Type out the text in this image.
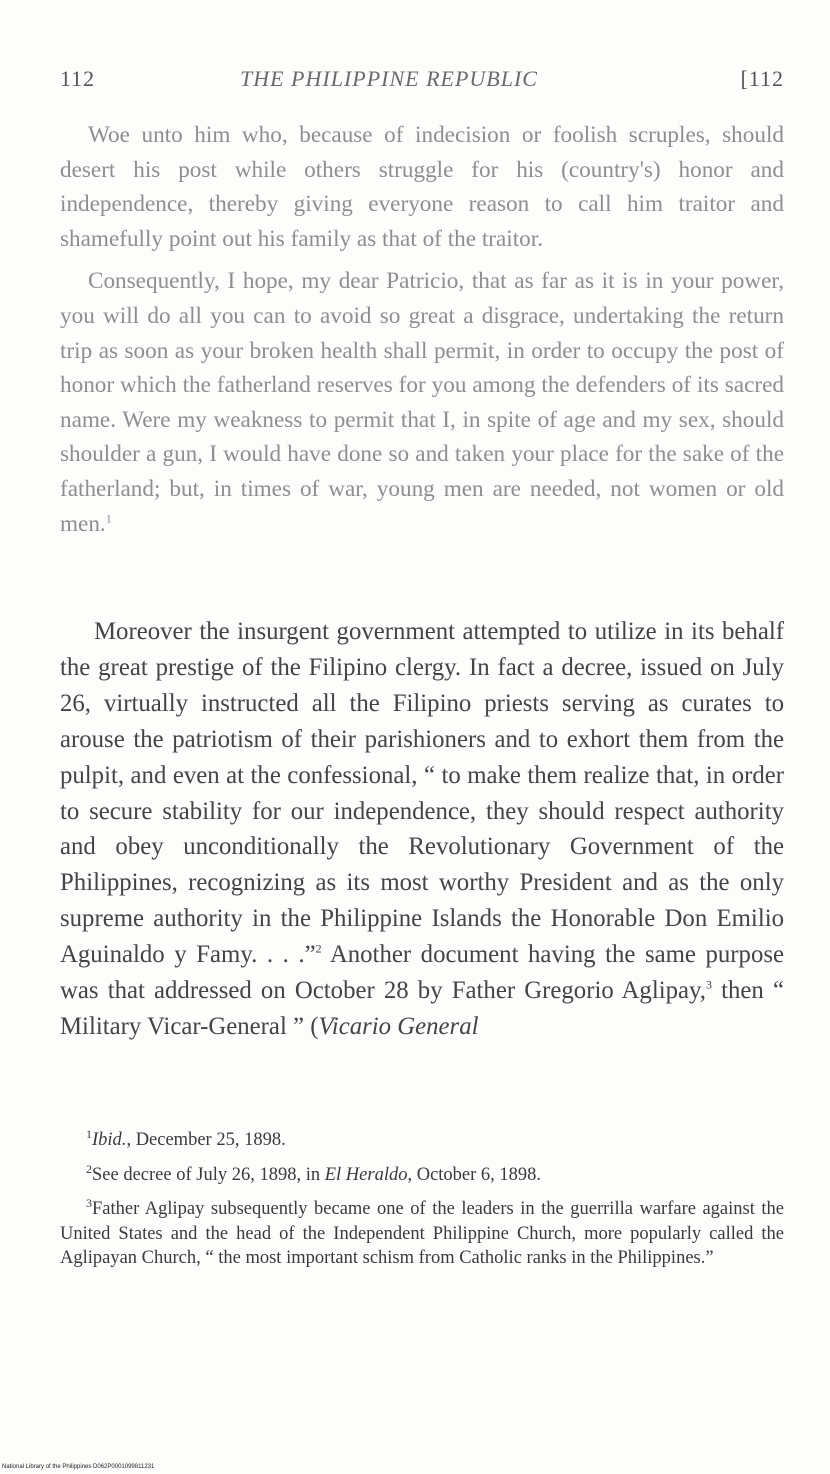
112	THE PHILIPPINE REPUBLIC	[112

Woe unto him who, because of indecision or foolish scruples, should desert his post while others struggle for his (country's) honor and independence, thereby giving everyone reason to call him traitor and shamefully point out his family as that of the traitor.

Consequently, I hope, my dear Patricio, that as far as it is in your power, you will do all you can to avoid so great a disgrace, undertaking the return trip as soon as your broken health shall permit, in order to occupy the post of honor which the fatherland reserves for you among the defenders of its sacred name. Were my weakness to permit that I, in spite of age and my sex, should shoulder a gun, I would have done so and taken your place for the sake of the fatherland; but, in times of war, young men are needed, not women or old men.$^1$

Moreover the insurgent government attempted to utilize in its behalf the great prestige of the Filipino clergy. In fact a decree, issued on July 26, virtually instructed all the Filipino priests serving as curates to arouse the patriotism of their parishioners and to exhort them from the pulpit, and even at the confessional, “ to make them realize that, in order to secure stability for our independence, they should respect authority and obey unconditionally the Revolutionary Government of the Philippines, recognizing as its most worthy President and as the only supreme authority in the Philippine Islands the Honorable Don Emilio Aguinaldo y Famy. . . .”$^2$ Another document having the same purpose was that addressed on October 28 by Father Gregorio Aglipay,$^3$ then “ Military Vicar-General ” (Vicario General

$^1$Ibid., December 25, 1898.

$^2$See decree of July 26, 1898, in El Heraldo, October 6, 1898.

$^3$Father Aglipay subsequently became one of the leaders in the guerrilla warfare against the United States and the head of the Independent Philippine Church, more popularly called the Aglipayan Church, “ the most important schism from Catholic ranks in the Philippines.”

National Library of the Philippines D062P0001099811231
